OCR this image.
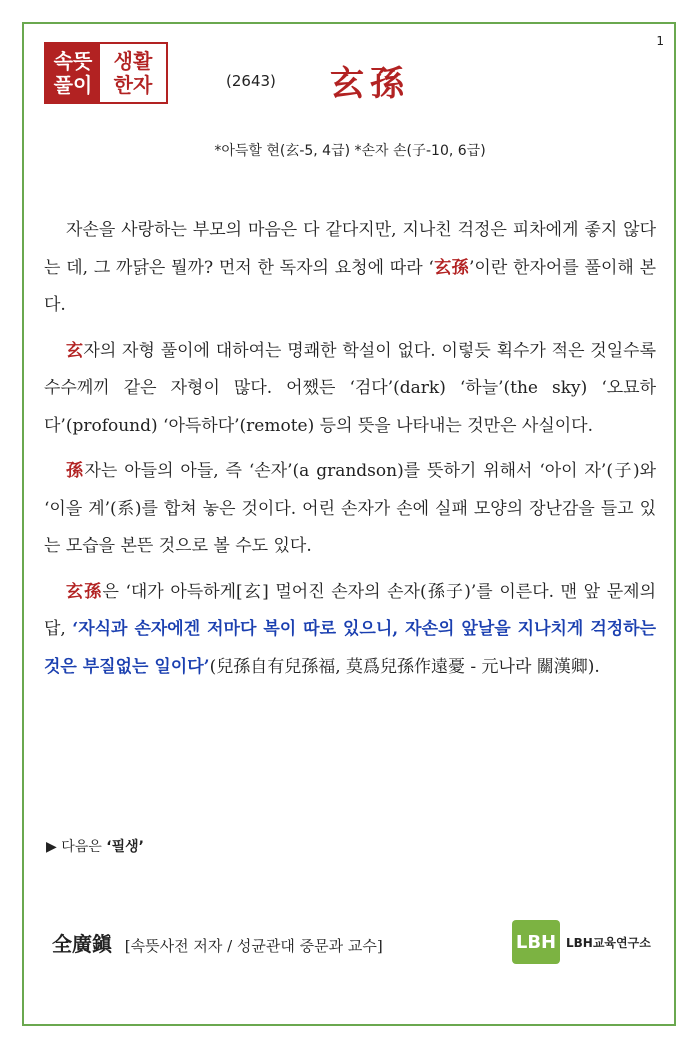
1
속뜻
풀이
생활
한자	(2643) 玄孫
*아득할 현(玄-5, 4급) *손자 손(子-10, 6급)

자손을 사랑하는 부모의 마음은 다 같다지만, 지나친 걱정은 피차에게 좋지 않다는 데, 그 까닭은 뭘까? 먼저 한 독자의 요청에 따라 ‘玄孫’이란 한자어를 풀이해 본다.

玄자의 자형 풀이에 대하여는 명쾌한 학설이 없다. 이렇듯 획수가 적은 것일수록 수수께끼 같은 자형이 많다. 어쨌든 ‘검다’(dark) ‘하늘’(the sky) ‘오묘하다’(profound) ‘아득하다’(remote) 등의 뜻을 나타내는 것만은 사실이다.

孫자는 아들의 아들, 즉 ‘손자’(a grandson)를 뜻하기 위해서 ‘아이 자’(子)와 ‘이을 계’(系)를 합쳐 놓은 것이다. 어린 손자가 손에 실패 모양의 장난감을 들고 있는 모습을 본뜬 것으로 볼 수도 있다.

玄孫은 ‘대가 아득하게[玄] 멀어진 손자의 손자(孫子)’를 이른다. 맨 앞 문제의 답, ‘자식과 손자에겐 저마다 복이 따로 있으니, 자손의 앞날을 지나치게 걱정하는 것은 부질없는 일이다’(兒孫自有兒孫福, 莫爲兒孫作遠憂 - 元나라 關漢卿).

▶ 다음은 ‘필생’
全廣鎭 [속뜻사전 저자 / 성균관대 중문과 교수]	LBH LBH교육연구소
